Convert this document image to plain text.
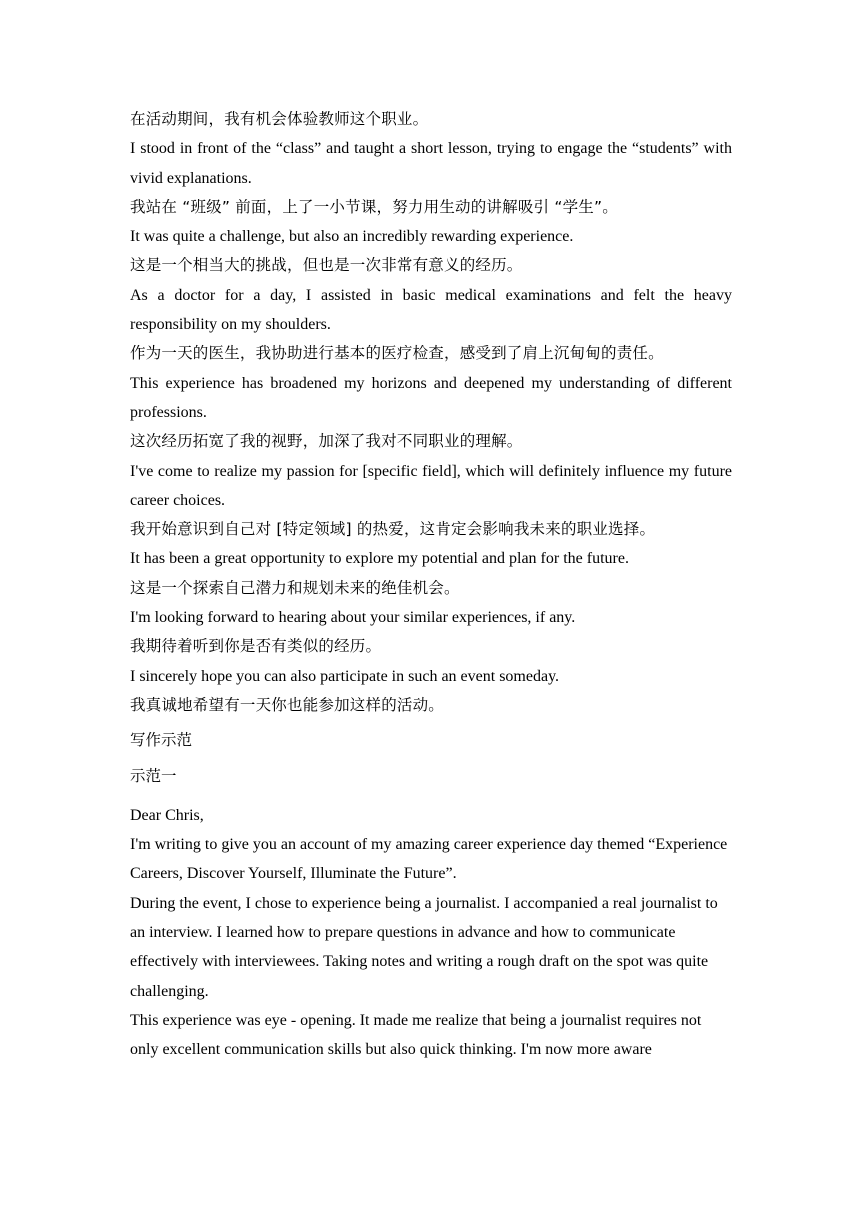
在活动期间，我有机会体验教师这个职业。

I stood in front of the “class” and taught a short lesson, trying to engage the “students” with vivid explanations.

我站在 “班级” 前面，上了一小节课，努力用生动的讲解吸引 “学生”。

It was quite a challenge, but also an incredibly rewarding experience.

这是一个相当大的挑战，但也是一次非常有意义的经历。

As a doctor for a day, I assisted in basic medical examinations and felt the heavy responsibility on my shoulders.

作为一天的医生，我协助进行基本的医疗检查，感受到了肩上沉甸甸的责任。

This experience has broadened my horizons and deepened my understanding of different professions.

这次经历拓宽了我的视野，加深了我对不同职业的理解。

I've come to realize my passion for [specific field], which will definitely influence my future career choices.

我开始意识到自己对 [特定领域] 的热爱，这肯定会影响我未来的职业选择。

It has been a great opportunity to explore my potential and plan for the future.

这是一个探索自己潜力和规划未来的绝佳机会。

I'm looking forward to hearing about your similar experiences, if any.

我期待着听到你是否有类似的经历。

I sincerely hope you can also participate in such an event someday.

我真诚地希望有一天你也能参加这样的活动。

写作示范

示范一

Dear Chris,

I'm writing to give you an account of my amazing career experience day themed “Experience Careers, Discover Yourself, Illuminate the Future”.

During the event, I chose to experience being a journalist. I accompanied a real journalist to an interview. I learned how to prepare questions in advance and how to communicate effectively with interviewees. Taking notes and writing a rough draft on the spot was quite challenging.

This experience was eye - opening. It made me realize that being a journalist requires not only excellent communication skills but also quick thinking. I'm now more aware
